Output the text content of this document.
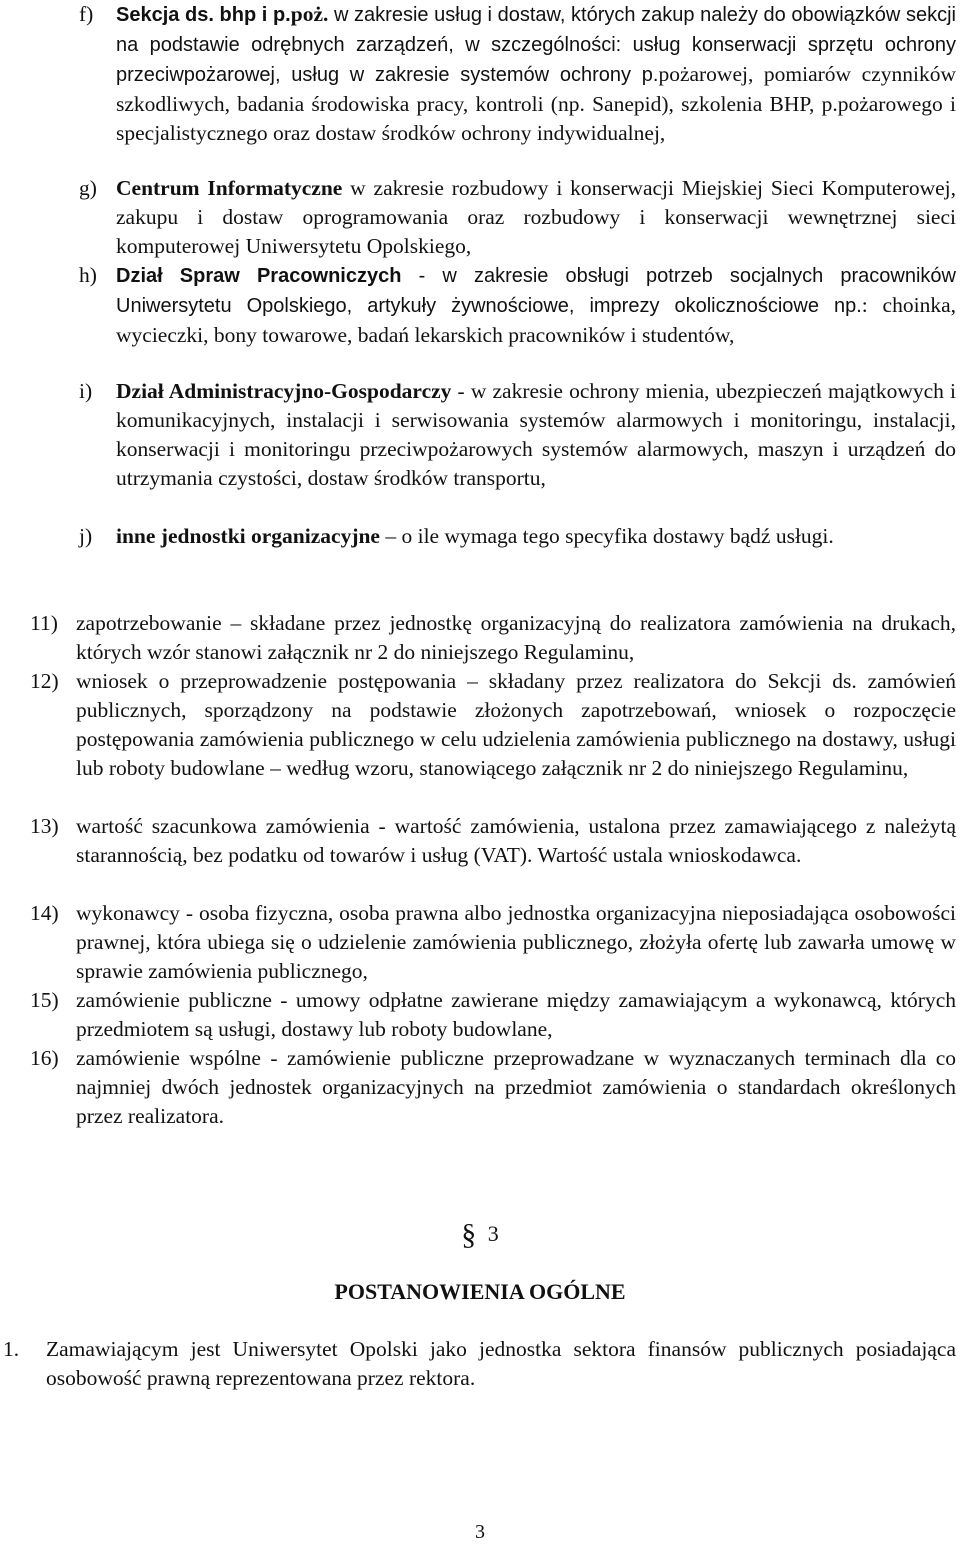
f) Sekcja ds. bhp i p.poż. w zakresie usług i dostaw, których zakup należy do obowiązków sekcji na podstawie odrębnych zarządzeń, w szczególności: usług konserwacji sprzętu ochrony przeciwpożarowej, usług w zakresie systemów ochrony p.pożarowej, pomiarów czynników szkodliwych, badania środowiska pracy, kontroli (np. Sanepid), szkolenia BHP, p.pożarowego i specjalistycznego oraz dostaw środków ochrony indywidualnej,
g) Centrum Informatyczne w zakresie rozbudowy i konserwacji Miejskiej Sieci Komputerowej, zakupu i dostaw oprogramowania oraz rozbudowy i konserwacji wewnętrznej sieci komputerowej Uniwersytetu Opolskiego,
h) Dział Spraw Pracowniczych - w zakresie obsługi potrzeb socjalnych pracowników Uniwersytetu Opolskiego, artykuły żywnościowe, imprezy okolicznościowe np.: choinka, wycieczki, bony towarowe, badań lekarskich pracowników i studentów,
i) Dział Administracyjno-Gospodarczy - w zakresie ochrony mienia, ubezpieczeń majątkowych i komunikacyjnych, instalacji i serwisowania systemów alarmowych i monitoringu, instalacji, konserwacji i monitoringu przeciwpożarowych systemów alarmowych, maszyn i urządzeń do utrzymania czystości, dostaw środków transportu,
j) inne jednostki organizacyjne – o ile wymaga tego specyfika dostawy bądź usługi.
11) zapotrzebowanie – składane przez jednostkę organizacyjną do realizatora zamówienia na drukach, których wzór stanowi załącznik nr 2 do niniejszego Regulaminu,
12) wniosek o przeprowadzenie postępowania – składany przez realizatora do Sekcji ds. zamówień publicznych, sporządzony na podstawie złożonych zapotrzebowań, wniosek o rozpoczęcie postępowania zamówienia publicznego w celu udzielenia zamówienia publicznego na dostawy, usługi lub roboty budowlane – według wzoru, stanowiącego załącznik nr 2 do niniejszego Regulaminu,
13) wartość szacunkowa zamówienia - wartość zamówienia, ustalona przez zamawiającego z należytą starannością, bez podatku od towarów i usług (VAT). Wartość ustala wnioskodawca.
14) wykonawcy - osoba fizyczna, osoba prawna albo jednostka organizacyjna nieposiadająca osobowości prawnej, która ubiega się o udzielenie zamówienia publicznego, złożyła ofertę lub zawarła umowę w sprawie zamówienia publicznego,
15) zamówienie publiczne - umowy odpłatne zawierane między zamawiającym a wykonawcą, których przedmiotem są usługi, dostawy lub roboty budowlane,
16) zamówienie wspólne - zamówienie publiczne przeprowadzane w wyznaczanych terminach dla co najmniej dwóch jednostek organizacyjnych na przedmiot zamówienia o standardach określonych przez realizatora.
§ 3
POSTANOWIENIA OGÓLNE
1. Zamawiającym jest Uniwersytet Opolski jako jednostka sektora finansów publicznych posiadająca osobowość prawną reprezentowana przez rektora.
3
